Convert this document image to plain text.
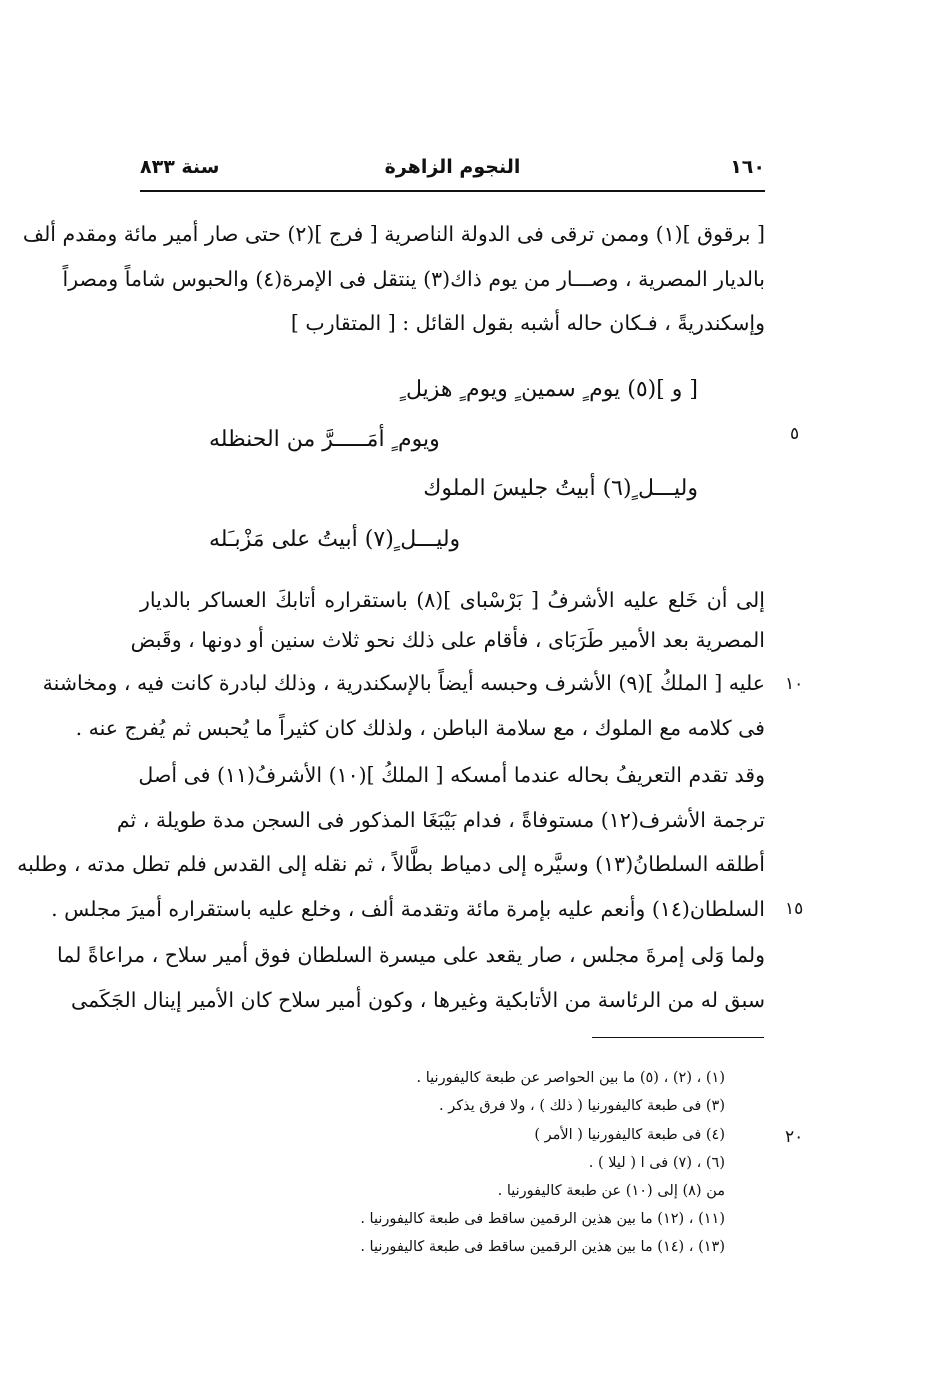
١٦٠
النجوم الزاهرة
سنة ٨٣٣
[ برقوق ](١) وممن ترقى فى الدولة الناصرية [ فرج ](٢) حتى صار أمير مائة ومقدم ألف
بالديار المصرية ، وصـــار من يوم ذاك(٣) ينتقل فى الإمرة(٤) والحبوس شاماً ومصراً
وإسكندريةً ، فـكان حاله أشبه بقول القائل : [ المتقارب ]
[ و ](٥) يوم ٍ سمين ٍ ويوم ٍ هزيل ٍ
ويوم ٍ أمَـــــرَّ من الحنظله
وليـــل ٍ(٦) أبيتُ جليسَ الملوك
وليـــل ٍ(٧) أبيتُ على مَزْبـَله
إلى أن خَلع عليه الأشرفُ [ بَرْسْباى ](٨) باستقراره أتابكَ العساكر بالديار
المصرية بعد الأمير طَرَبَاى ، فأقام على ذلك نحو ثلاث سنين أو دونها ، وقَبض
عليه [ الملكُ ](٩) الأشرف وحبسه أيضاً بالإسكندرية ، وذلك لبادرة كانت فيه ، ومخاشنة
فى كلامه مع الملوك ، مع سلامة الباطن ، ولذلك كان كثيراً ما يُحبس ثم يُفرج عنه .
وقد تقدم التعريفُ بحاله عندما أمسكه [ الملكُ ](١٠) الأشرفُ(١١) فى أصل
ترجمة الأشرف(١٢) مستوفاةً ، فدام بَيْبَغَا المذكور فى السجن مدة طويلة ، ثم
أطلقه السلطانُ(١٣) وسيَّره إلى دمياط بطَّالاً ، ثم نقله إلى القدس فلم تطل مدته ، وطلبه
السلطان(١٤) وأنعم عليه بإمرة مائة وتقدمة ألف ، وخلع عليه باستقراره أميرَ مجلس .
ولما وَلى إمرةَ مجلس ، صار يقعد على ميسرة السلطان فوق أمير سلاح ، مراعاةً لما
سبق له من الرئاسة من الأتابكية وغيرها ، وكون أمير سلاح كان الأمير إينال الجَكَمى
٥
١٠
١٥
٢٠
(١) ، (٢) ، (٥) ما بين الحواصر عن طبعة كاليفورنيا .
(٣) فى طبعة كاليفورنيا ( ذلك ) ، ولا فرق يذكر .
(٤) فى طبعة كاليفورنيا ( الأمر )
(٦) ، (٧) فى ا ( ليلا ) .
من (٨) إلى (١٠) عن طبعة كاليفورنيا .
(١١) ، (١٢) ما بين هذين الرقمين ساقط فى طبعة كاليفورنيا .
(١٣) ، (١٤) ما بين هذين الرقمين ساقط فى طبعة كاليفورنيا .
